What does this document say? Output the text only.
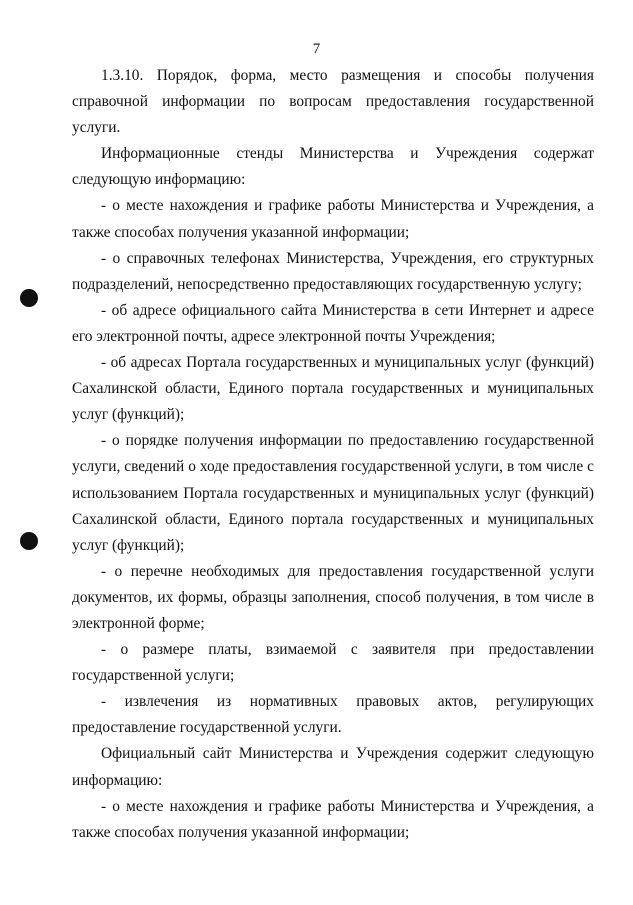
7

1.3.10. Порядок, форма, место размещения и способы получения справочной информации по вопросам предоставления государственной услуги.

Информационные стенды Министерства и Учреждения содержат следующую информацию:

- о месте нахождения и графике работы Министерства и Учреждения, а также способах получения указанной информации;

- о справочных телефонах Министерства, Учреждения, его структурных подразделений, непосредственно предоставляющих государственную услугу;

- об адресе официального сайта Министерства в сети Интернет и адресе его электронной почты, адресе электронной почты Учреждения;

- об адресах Портала государственных и муниципальных услуг (функций) Сахалинской области, Единого портала государственных и муниципальных услуг (функций);

- о порядке получения информации по предоставлению государственной услуги, сведений о ходе предоставления государственной услуги, в том числе с использованием Портала государственных и муниципальных услуг (функций) Сахалинской области, Единого портала государственных и муниципальных услуг (функций);

- о перечне необходимых для предоставления государственной услуги документов, их формы, образцы заполнения, способ получения, в том числе в электронной форме;

- о размере платы, взимаемой с заявителя при предоставлении государственной услуги;

- извлечения из нормативных правовых актов, регулирующих предоставление государственной услуги.

Официальный сайт Министерства и Учреждения содержит следующую информацию:

- о месте нахождения и графике работы Министерства и Учреждения, а также способах получения указанной информации;
